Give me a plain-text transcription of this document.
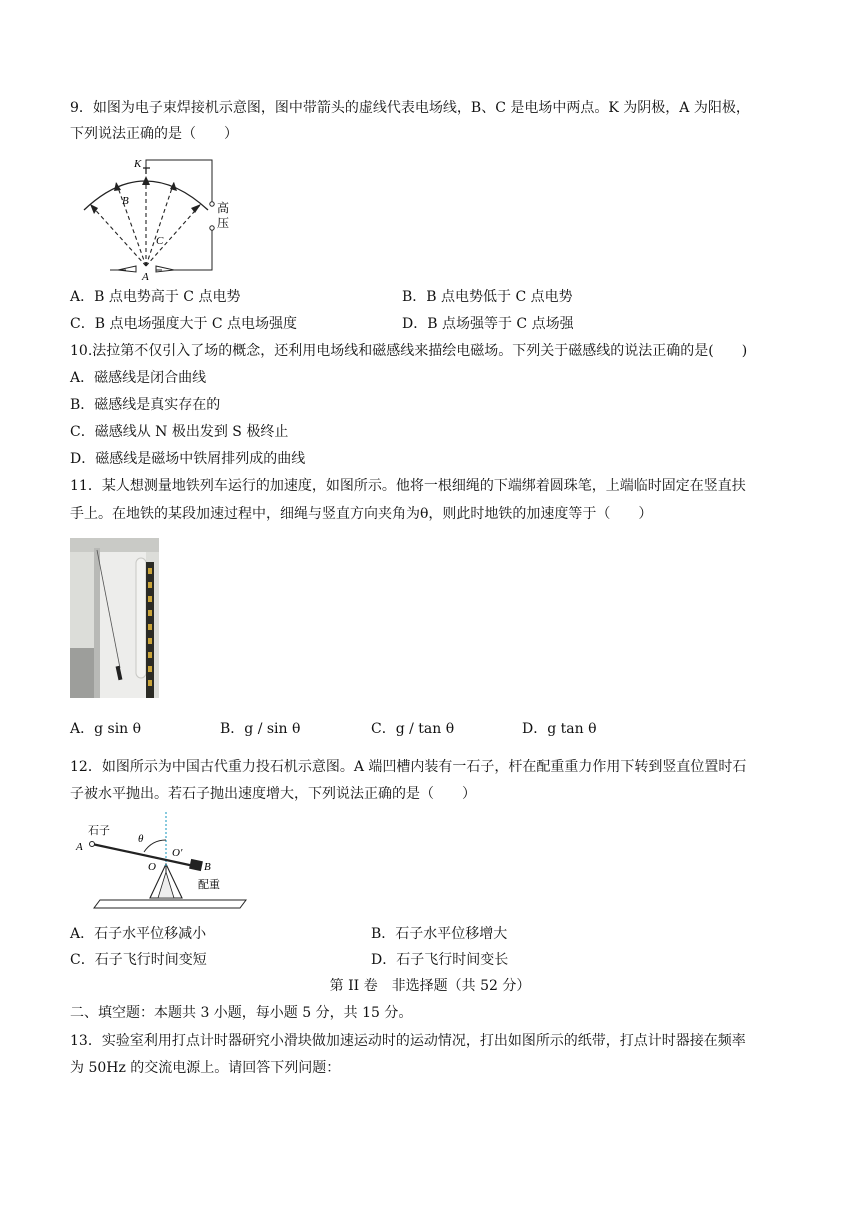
9．如图为电子束焊接机示意图，图中带箭头的虚线代表电场线，B、C 是电场中两点。K 为阴极，A 为阳极，
下列说法正确的是（　　）
K
B
C
A
高
压
A．B 点电势高于 C 点电势	B．B 点电势低于 C 点电势
C．B 点电场强度大于 C 点电场强度	D．B 点场强等于 C 点场强
10.法拉第不仅引入了场的概念，还利用电场线和磁感线来描绘电磁场。下列关于磁感线的说法正确的是(　　)
A．磁感线是闭合曲线
B．磁感线是真实存在的
C．磁感线从 N 极出发到 S 极终止
D．磁感线是磁场中铁屑排列成的曲线
11．某人想测量地铁列车运行的加速度，如图所示。他将一根细绳的下端绑着圆珠笔，上端临时固定在竖直扶
手上。在地铁的某段加速过程中，细绳与竖直方向夹角为θ，则此时地铁的加速度等于（　　）
A．g sin θ	B．g / sin θ	C．g / tan θ	D．g tan θ
12．如图所示为中国古代重力投石机示意图。A 端凹槽内装有一石子，杆在配重重力作用下转到竖直位置时石
子被水平抛出。若石子抛出速度增大，下列说法正确的是（　　）
石子
A
θ
O
O′
B
配重
A．石子水平位移减小	B．石子水平位移增大
C．石子飞行时间变短	D．石子飞行时间变长
第 II 卷　非选择题（共 52 分）
二、填空题：本题共 3 小题，每小题 5 分，共 15 分。
13．实验室利用打点计时器研究小滑块做加速运动时的运动情况，打出如图所示的纸带，打点计时器接在频率
为 50Hz 的交流电源上。请回答下列问题：
